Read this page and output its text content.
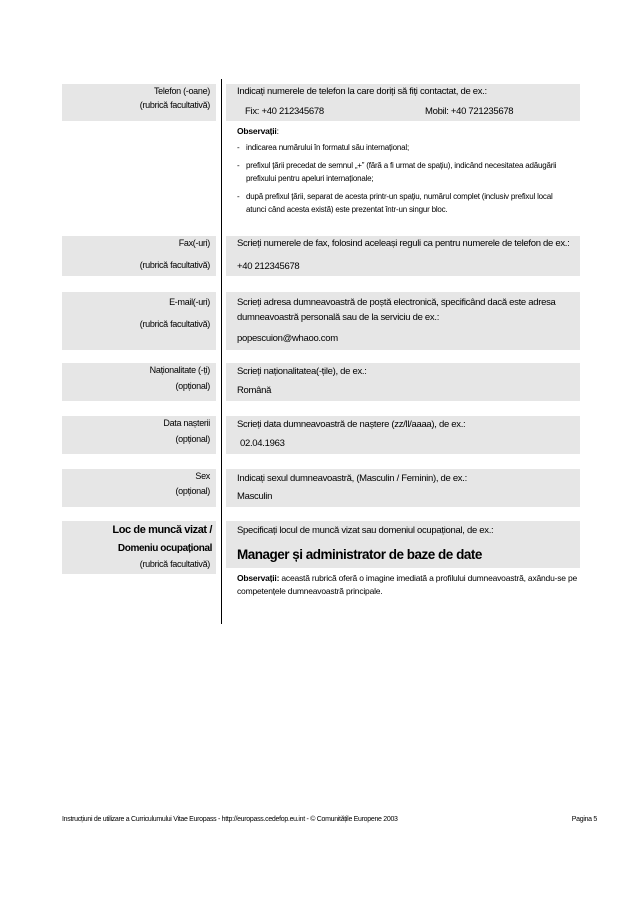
Telefon (-oane)
(rubrică facultativă)
Indicați numerele de telefon la care doriți să fiți contactat, de ex.:
Fix: +40 212345678	Mobil: +40 721235678
Observații:
- indicarea numărului în formatul său internațional;
- prefixul țării precedat de semnul „+” (fără a fi urmat de spațiu), indicând necesitatea adăugării
prefixului pentru apeluri internaționale;
- după prefixul țării, separat de acesta printr-un spațiu, numărul complet (inclusiv prefixul local
atunci când acesta există) este prezentat într-un singur bloc.
Fax(-uri)
(rubrică facultativă)
Scrieți numerele de fax, folosind aceleași reguli ca pentru numerele de telefon de ex.:
+40 212345678
E-mail(-uri)
(rubrică facultativă)
Scrieți adresa dumneavoastră de poștă electronică, specificând dacă este adresa
dumneavoastră personală sau de la serviciu de ex.:
popescuion@whaoo.com
Naționalitate (-ți)
(opțional)
Scrieți naționalitatea(-țile), de ex.:
Română
Data nașterii
(opțional)
Scrieți data dumneavoastră de naștere (zz/ll/aaaa), de ex.:
02.04.1963
Sex
(opțional)
Indicați sexul dumneavoastră, (Masculin / Feminin), de ex.:
Masculin
Loc de muncă vizat /
Domeniu ocupațional
(rubrică facultativă)
Specificați locul de muncă vizat sau domeniul ocupațional, de ex.:
Manager și administrator de baze de date
Observații: această rubrică oferă o imagine imediată a profilului dumneavoastră, axându-se pe
competențele dumneavoastră principale.
Instrucțiuni de utilizare a Curriculumului Vitae Europass - http://europass.cedefop.eu.int - © Comunitățile Europene 2003	Pagina 5
